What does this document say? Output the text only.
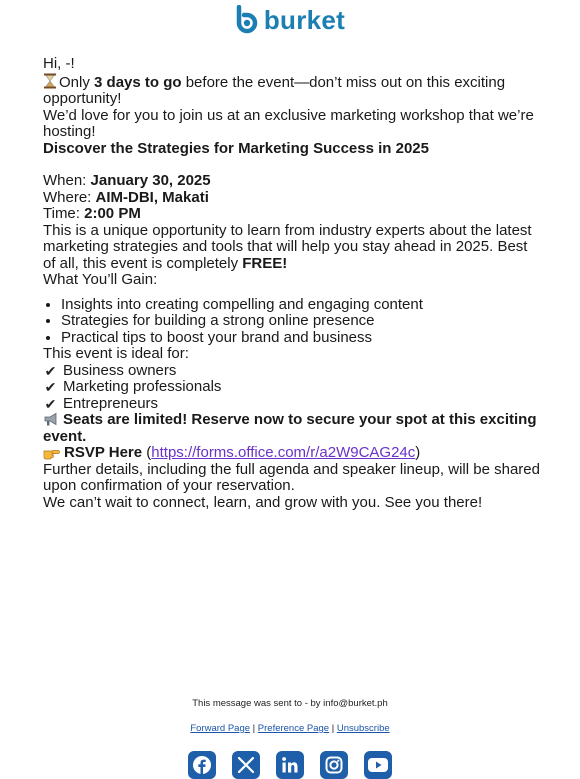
burket

Hi, -!

Only 3 days to go before the event—don’t miss out on this exciting opportunity!

We’d love for you to join us at an exclusive marketing workshop that we’re hosting!

Discover the Strategies for Marketing Success in 2025

When: January 30, 2025
Where: AIM-DBI, Makati
Time: 2:00 PM

This is a unique opportunity to learn from industry experts about the latest marketing strategies and tools that will help you stay ahead in 2025. Best of all, this event is completely FREE!

What You’ll Gain:

• Insights into creating compelling and engaging content
• Strategies for building a strong online presence
• Practical tips to boost your brand and business

This event is ideal for:

✔ Business owners
✔ Marketing professionals
✔ Entrepreneurs

Seats are limited! Reserve now to secure your spot at this exciting event.

RSVP Here (https://forms.office.com/r/a2W9CAG24c)

Further details, including the full agenda and speaker lineup, will be shared upon confirmation of your reservation.

We can’t wait to connect, learn, and grow with you. See you there!

This message was sent to - by info@burket.ph

Forward Page | Preference Page | Unsubscribe
